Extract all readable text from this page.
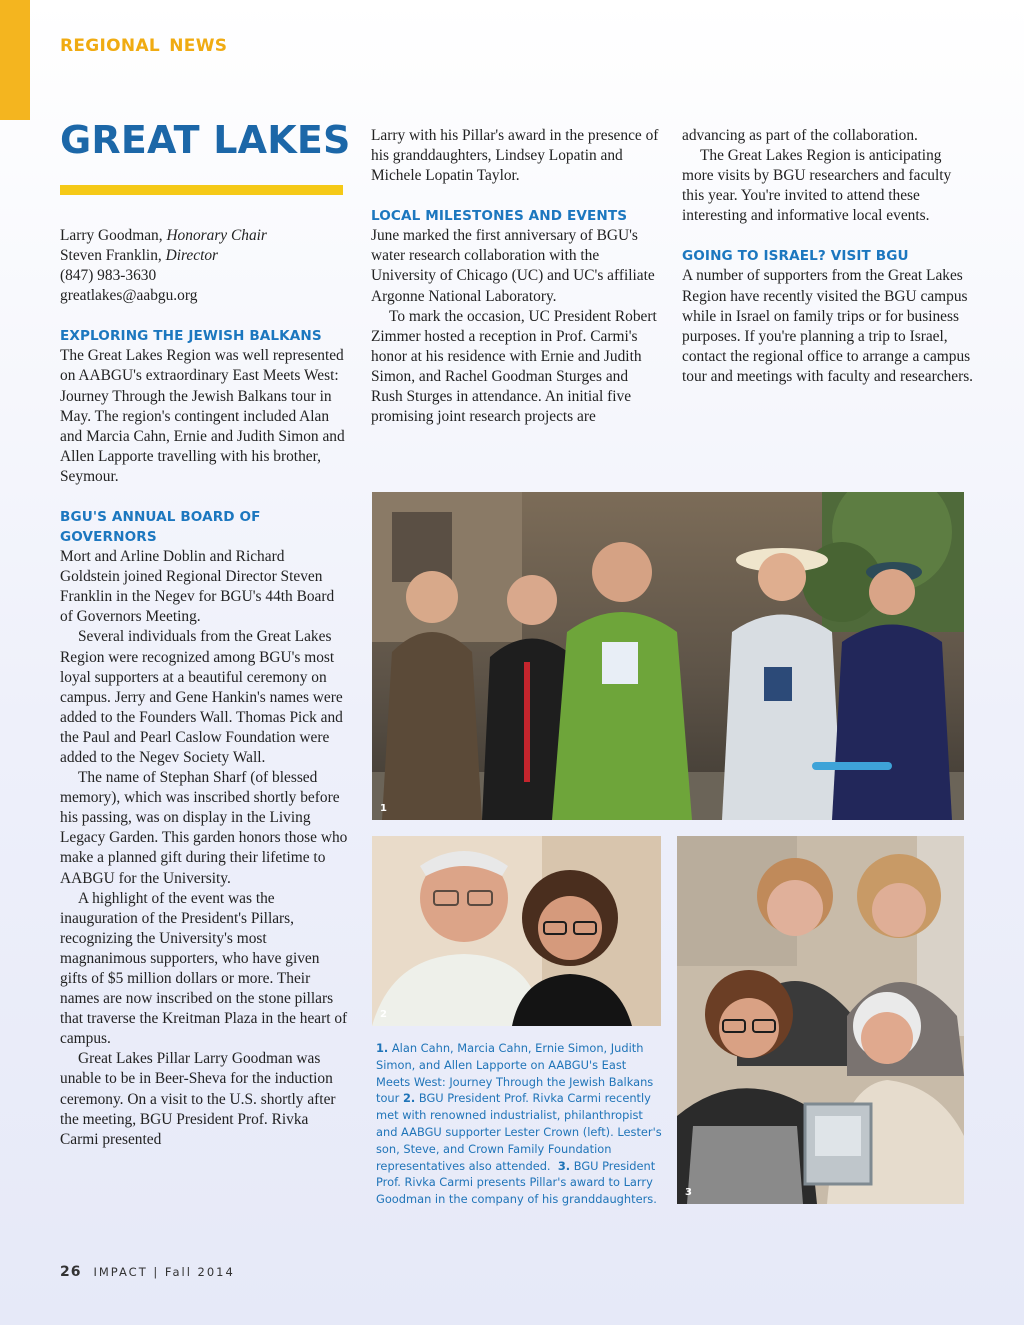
REGIONAL NEWS
GREAT LAKES

Larry Goodman, Honorary Chair

Steven Franklin, Director

(847) 983-3630

greatlakes@aabgu.org

EXPLORING THE JEWISH BALKANS

The Great Lakes Region was well represented on AABGU's extraordinary East Meets West: Journey Through the Jewish Balkans tour in May. The region's contingent included Alan and Marcia Cahn, Ernie and Judith Simon and Allen Lapporte travelling with his brother, Seymour.

BGU'S ANNUAL BOARD OF GOVERNORS

Mort and Arline Doblin and Richard Goldstein joined Regional Director Steven Franklin in the Negev for BGU's 44th Board of Governors Meeting.

Several individuals from the Great Lakes Region were recognized among BGU's most loyal supporters at a beautiful ceremony on campus. Jerry and Gene Hankin's names were added to the Founders Wall. Thomas Pick and the Paul and Pearl Caslow Foundation were added to the Negev Society Wall.

The name of Stephan Sharf (of blessed memory), which was inscribed shortly before his passing, was on display in the Living Legacy Garden. This garden honors those who make a planned gift during their lifetime to AABGU for the University.

A highlight of the event was the inauguration of the President's Pillars, recognizing the University's most magnanimous supporters, who have given gifts of $5 million dollars or more. Their names are now inscribed on the stone pillars that traverse the Kreitman Plaza in the heart of campus.

Great Lakes Pillar Larry Goodman was unable to be in Beer-Sheva for the induction ceremony. On a visit to the U.S. shortly after the meeting, BGU President Prof. Rivka Carmi presented

Larry with his Pillar's award in the presence of his granddaughters, Lindsey Lopatin and Michele Lopatin Taylor.

LOCAL MILESTONES AND EVENTS

June marked the first anniversary of BGU's water research collaboration with the University of Chicago (UC) and UC's affiliate Argonne National Laboratory.

To mark the occasion, UC President Robert Zimmer hosted a reception in Prof. Carmi's honor at his residence with Ernie and Judith Simon, and Rachel Goodman Sturges and Rush Sturges in attendance. An initial five promising joint research projects are

advancing as part of the collaboration.

The Great Lakes Region is anticipating more visits by BGU researchers and faculty this year. You're invited to attend these interesting and informative local events.

GOING TO ISRAEL? VISIT BGU

A number of supporters from the Great Lakes Region have recently visited the BGU campus while in Israel on family trips or for business purposes. If you're planning a trip to Israel, contact the regional office to arrange a campus tour and meetings with faculty and researchers.

1
2
3
1. Alan Cahn, Marcia Cahn, Ernie Simon, Judith Simon, and Allen Lapporte on AABGU's East Meets West: Journey Through the Jewish Balkans tour 2. BGU President Prof. Rivka Carmi recently met with renowned industrialist, philanthropist and AABGU supporter Lester Crown (left). Lester's son, Steve, and Crown Family Foundation representatives also attended. 3. BGU President Prof. Rivka Carmi presents Pillar's award to Larry Goodman in the company of his granddaughters.
26 IMPACT | Fall 2014
